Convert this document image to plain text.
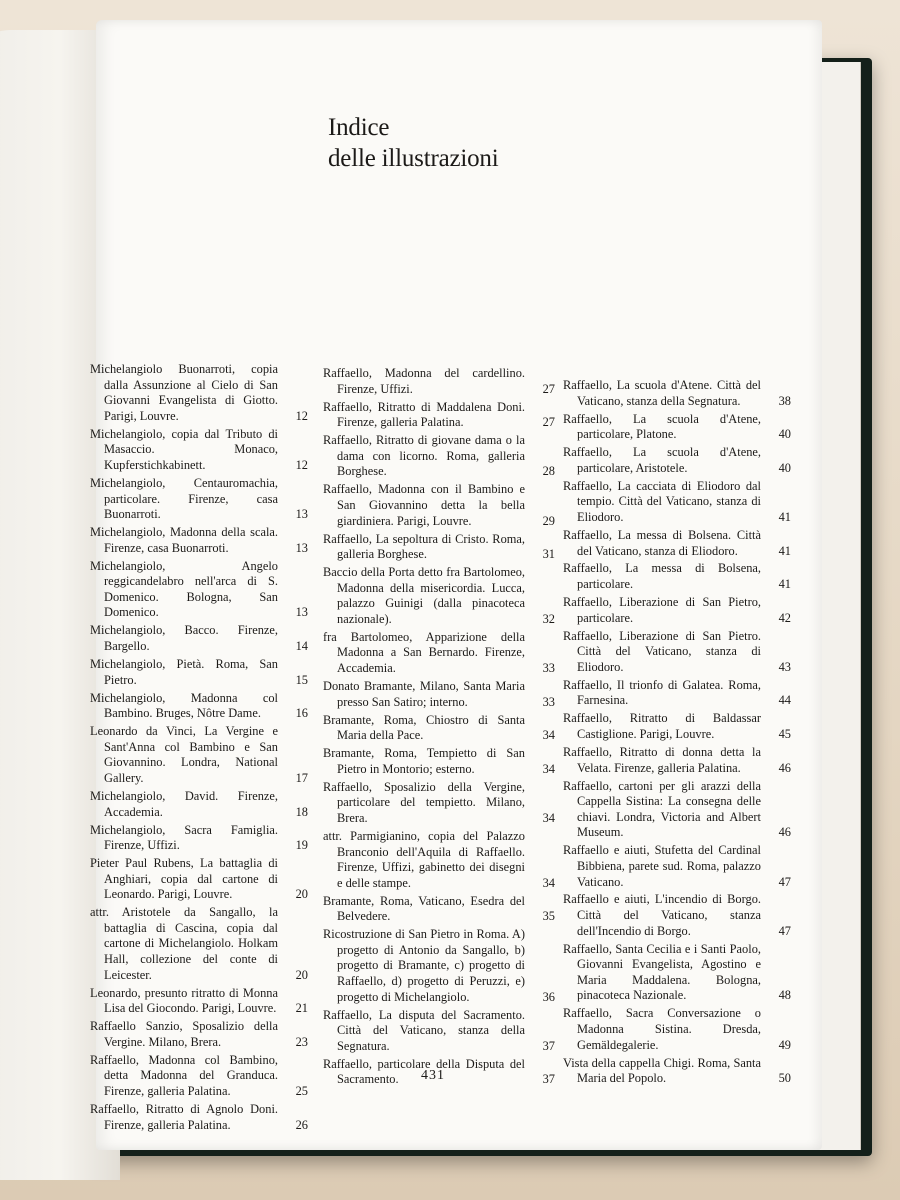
Indice
delle illustrazioni
Michelangiolo Buonarroti, copia dalla Assunzione al Cielo di San Giovanni Evangelista di Giotto. Parigi, Louvre.	12
Michelangiolo, copia dal Tributo di Masaccio. Monaco, Kupferstichkabinett.	12
Michelangiolo, Centauromachia, particolare. Firenze, casa Buonarroti.	13
Michelangiolo, Madonna della scala. Firenze, casa Buonarroti.	13
Michelangiolo, Angelo reggicandelabro nell'arca di S. Domenico. Bologna, San Domenico.	13
Michelangiolo, Bacco. Firenze, Bargello.	14
Michelangiolo, Pietà. Roma, San Pietro.	15
Michelangiolo, Madonna col Bambino. Bruges, Nôtre Dame.	16
Leonardo da Vinci, La Vergine e Sant'Anna col Bambino e San Giovannino. Londra, National Gallery.	17
Michelangiolo, David. Firenze, Accademia.	18
Michelangiolo, Sacra Famiglia. Firenze, Uffizi.	19
Pieter Paul Rubens, La battaglia di Anghiari, copia dal cartone di Leonardo. Parigi, Louvre.	20
attr. Aristotele da Sangallo, la battaglia di Cascina, copia dal cartone di Michelangiolo. Holkam Hall, collezione del conte di Leicester.	20
Leonardo, presunto ritratto di Monna Lisa del Giocondo. Parigi, Louvre.	21
Raffaello Sanzio, Sposalizio della Vergine. Milano, Brera.	23
Raffaello, Madonna col Bambino, detta Madonna del Granduca. Firenze, galleria Palatina.	25
Raffaello, Ritratto di Agnolo Doni. Firenze, galleria Palatina.	26
Raffaello, Madonna del cardellino. Firenze, Uffizi.	27
Raffaello, Ritratto di Maddalena Doni. Firenze, galleria Palatina.	27
Raffaello, Ritratto di giovane dama o la dama con licorno. Roma, galleria Borghese.	28
Raffaello, Madonna con il Bambino e San Giovannino detta la bella giardiniera. Parigi, Louvre.	29
Raffaello, La sepoltura di Cristo. Roma, galleria Borghese.	31
Baccio della Porta detto fra Bartolomeo, Madonna della misericordia. Lucca, palazzo Guinigi (dalla pinacoteca nazionale).	32
fra Bartolomeo, Apparizione della Madonna a San Bernardo. Firenze, Accademia.	33
Donato Bramante, Milano, Santa Maria presso San Satiro; interno.	33
Bramante, Roma, Chiostro di Santa Maria della Pace.	34
Bramante, Roma, Tempietto di San Pietro in Montorio; esterno.	34
Raffaello, Sposalizio della Vergine, particolare del tempietto. Milano, Brera.	34
attr. Parmigianino, copia del Palazzo Branconio dell'Aquila di Raffaello. Firenze, Uffizi, gabinetto dei disegni e delle stampe.	34
Bramante, Roma, Vaticano, Esedra del Belvedere.	35
Ricostruzione di San Pietro in Roma. A) progetto di Antonio da Sangallo, b) progetto di Bramante, c) progetto di Raffaello, d) progetto di Peruzzi, e) progetto di Michelangiolo.	36
Raffaello, La disputa del Sacramento. Città del Vaticano, stanza della Segnatura.	37
Raffaello, particolare della Disputa del Sacramento.	37
Raffaello, La scuola d'Atene. Città del Vaticano, stanza della Segnatura.	38
Raffaello, La scuola d'Atene, particolare, Platone.	40
Raffaello, La scuola d'Atene, particolare, Aristotele.	40
Raffaello, La cacciata di Eliodoro dal tempio. Città del Vaticano, stanza di Eliodoro.	41
Raffaello, La messa di Bolsena. Città del Vaticano, stanza di Eliodoro.	41
Raffaello, La messa di Bolsena, particolare.	41
Raffaello, Liberazione di San Pietro, particolare.	42
Raffaello, Liberazione di San Pietro. Città del Vaticano, stanza di Eliodoro.	43
Raffaello, Il trionfo di Galatea. Roma, Farnesina.	44
Raffaello, Ritratto di Baldassar Castiglione. Parigi, Louvre.	45
Raffaello, Ritratto di donna detta la Velata. Firenze, galleria Palatina.	46
Raffaello, cartoni per gli arazzi della Cappella Sistina: La consegna delle chiavi. Londra, Victoria and Albert Museum.	46
Raffaello e aiuti, Stufetta del Cardinal Bibbiena, parete sud. Roma, palazzo Vaticano.	47
Raffaello e aiuti, L'incendio di Borgo. Città del Vaticano, stanza dell'Incendio di Borgo.	47
Raffaello, Santa Cecilia e i Santi Paolo, Giovanni Evangelista, Agostino e Maria Maddalena. Bologna, pinacoteca Nazionale.	48
Raffaello, Sacra Conversazione o Madonna Sistina. Dresda, Gemäldegalerie.	49
Vista della cappella Chigi. Roma, Santa Maria del Popolo.	50
431
